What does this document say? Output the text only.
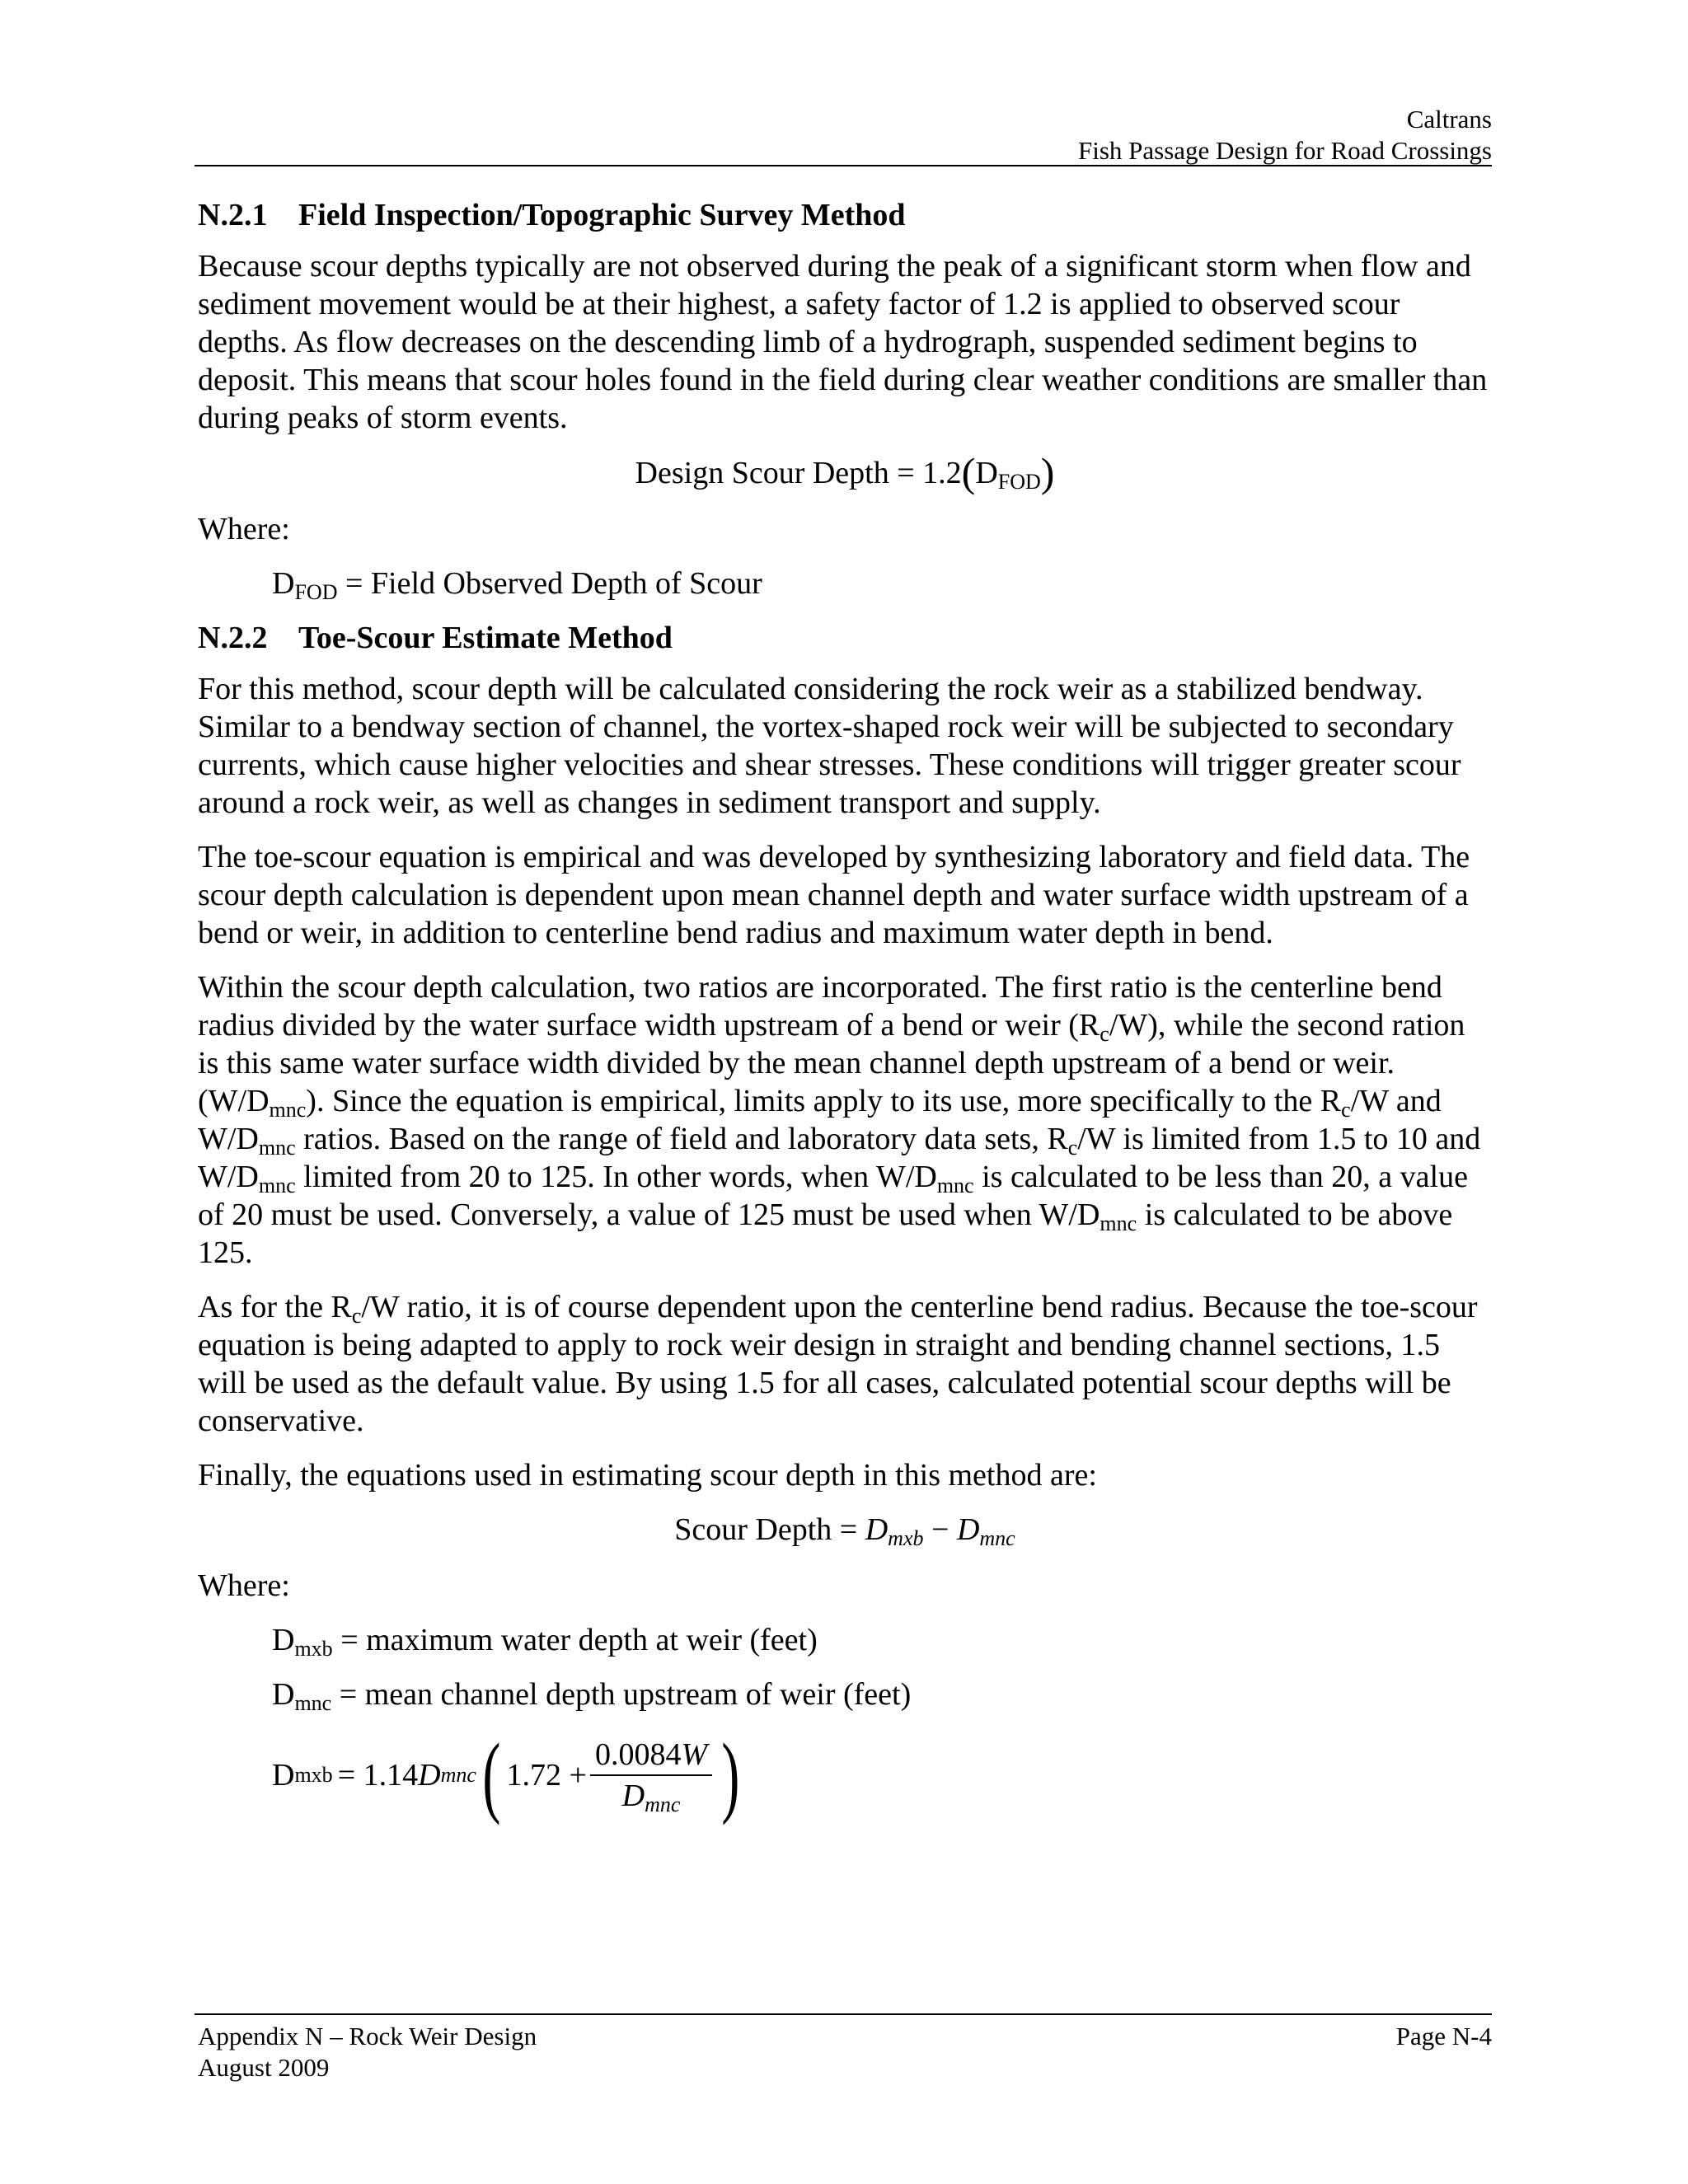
Caltrans
Fish Passage Design for Road Crossings
N.2.1 Field Inspection/Topographic Survey Method

Because scour depths typically are not observed during the peak of a significant storm when flow and sediment movement would be at their highest, a safety factor of 1.2 is applied to observed scour depths. As flow decreases on the descending limb of a hydrograph, suspended sediment begins to deposit. This means that scour holes found in the field during clear weather conditions are smaller than during peaks of storm events.

Design Scour Depth = $1.2(D_{FOD})$
Where:
$D_{FOD}$ = Field Observed Depth of Scour
N.2.2 Toe-Scour Estimate Method

For this method, scour depth will be calculated considering the rock weir as a stabilized bendway. Similar to a bendway section of channel, the vortex-shaped rock weir will be subjected to secondary currents, which cause higher velocities and shear stresses. These conditions will trigger greater scour around a rock weir, as well as changes in sediment transport and supply.

The toe-scour equation is empirical and was developed by synthesizing laboratory and field data. The scour depth calculation is dependent upon mean channel depth and water surface width upstream of a bend or weir, in addition to centerline bend radius and maximum water depth in bend.

Within the scour depth calculation, two ratios are incorporated. The first ratio is the centerline bend radius divided by the water surface width upstream of a bend or weir $(R_c/W)$, while the second ration is this same water surface width divided by the mean channel depth upstream of a bend or weir. $(W/D_{mnc})$. Since the equation is empirical, limits apply to its use, more specifically to the $R_c/W$ and $W/D_{mnc}$ ratios. Based on the range of field and laboratory data sets, $R_c/W$ is limited from 1.5 to 10 and $W/D_{mnc}$ limited from 20 to 125. In other words, when $W/D_{mnc}$ is calculated to be less than 20, a value of 20 must be used. Conversely, a value of 125 must be used when $W/D_{mnc}$ is calculated to be above 125.

As for the $R_c/W$ ratio, it is of course dependent upon the centerline bend radius. Because the toe-scour equation is being adapted to apply to rock weir design in straight and bending channel sections, 1.5 will be used as the default value. By using 1.5 for all cases, calculated potential scour depths will be conservative.

Finally, the equations used in estimating scour depth in this method are:

Scour Depth = $D_{mxb} - D_{mnc}$
Where:
$D_{mxb}$ = maximum water depth at weir (feet)
$D_{mnc}$ = mean channel depth upstream of weir (feet)
D mxb = 1.14 D mnc ( $1.72 + \frac{0.0084W}{D_{mnc}}$ )
Appendix N – Rock Weir Design
August 2009
Page N-4
